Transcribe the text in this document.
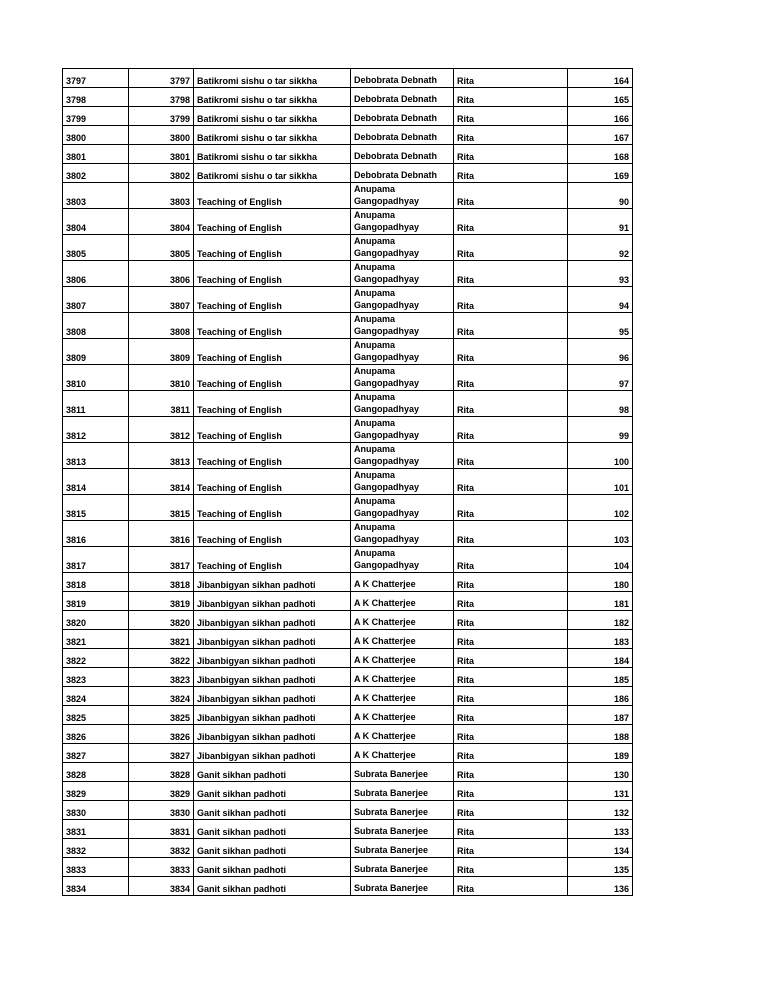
3797	3797	Batikromi sishu o tar sikkha	Debobrata Debnath	Rita	164
3798	3798	Batikromi sishu o tar sikkha	Debobrata Debnath	Rita	165
3799	3799	Batikromi sishu o tar sikkha	Debobrata Debnath	Rita	166
3800	3800	Batikromi sishu o tar sikkha	Debobrata Debnath	Rita	167
3801	3801	Batikromi sishu o tar sikkha	Debobrata Debnath	Rita	168
3802	3802	Batikromi sishu o tar sikkha	Debobrata Debnath	Rita	169
3803	3803	Teaching of English	Anupama Gangopadhyay	Rita	90
3804	3804	Teaching of English	Anupama Gangopadhyay	Rita	91
3805	3805	Teaching of English	Anupama Gangopadhyay	Rita	92
3806	3806	Teaching of English	Anupama Gangopadhyay	Rita	93
3807	3807	Teaching of English	Anupama Gangopadhyay	Rita	94
3808	3808	Teaching of English	Anupama Gangopadhyay	Rita	95
3809	3809	Teaching of English	Anupama Gangopadhyay	Rita	96
3810	3810	Teaching of English	Anupama Gangopadhyay	Rita	97
3811	3811	Teaching of English	Anupama Gangopadhyay	Rita	98
3812	3812	Teaching of English	Anupama Gangopadhyay	Rita	99
3813	3813	Teaching of English	Anupama Gangopadhyay	Rita	100
3814	3814	Teaching of English	Anupama Gangopadhyay	Rita	101
3815	3815	Teaching of English	Anupama Gangopadhyay	Rita	102
3816	3816	Teaching of English	Anupama Gangopadhyay	Rita	103
3817	3817	Teaching of English	Anupama Gangopadhyay	Rita	104
3818	3818	Jibanbigyan sikhan padhoti	A K Chatterjee	Rita	180
3819	3819	Jibanbigyan sikhan padhoti	A K Chatterjee	Rita	181
3820	3820	Jibanbigyan sikhan padhoti	A K Chatterjee	Rita	182
3821	3821	Jibanbigyan sikhan padhoti	A K Chatterjee	Rita	183
3822	3822	Jibanbigyan sikhan padhoti	A K Chatterjee	Rita	184
3823	3823	Jibanbigyan sikhan padhoti	A K Chatterjee	Rita	185
3824	3824	Jibanbigyan sikhan padhoti	A K Chatterjee	Rita	186
3825	3825	Jibanbigyan sikhan padhoti	A K Chatterjee	Rita	187
3826	3826	Jibanbigyan sikhan padhoti	A K Chatterjee	Rita	188
3827	3827	Jibanbigyan sikhan padhoti	A K Chatterjee	Rita	189
3828	3828	Ganit sikhan padhoti	Subrata Banerjee	Rita	130
3829	3829	Ganit sikhan padhoti	Subrata Banerjee	Rita	131
3830	3830	Ganit sikhan padhoti	Subrata Banerjee	Rita	132
3831	3831	Ganit sikhan padhoti	Subrata Banerjee	Rita	133
3832	3832	Ganit sikhan padhoti	Subrata Banerjee	Rita	134
3833	3833	Ganit sikhan padhoti	Subrata Banerjee	Rita	135
3834	3834	Ganit sikhan padhoti	Subrata Banerjee	Rita	136
